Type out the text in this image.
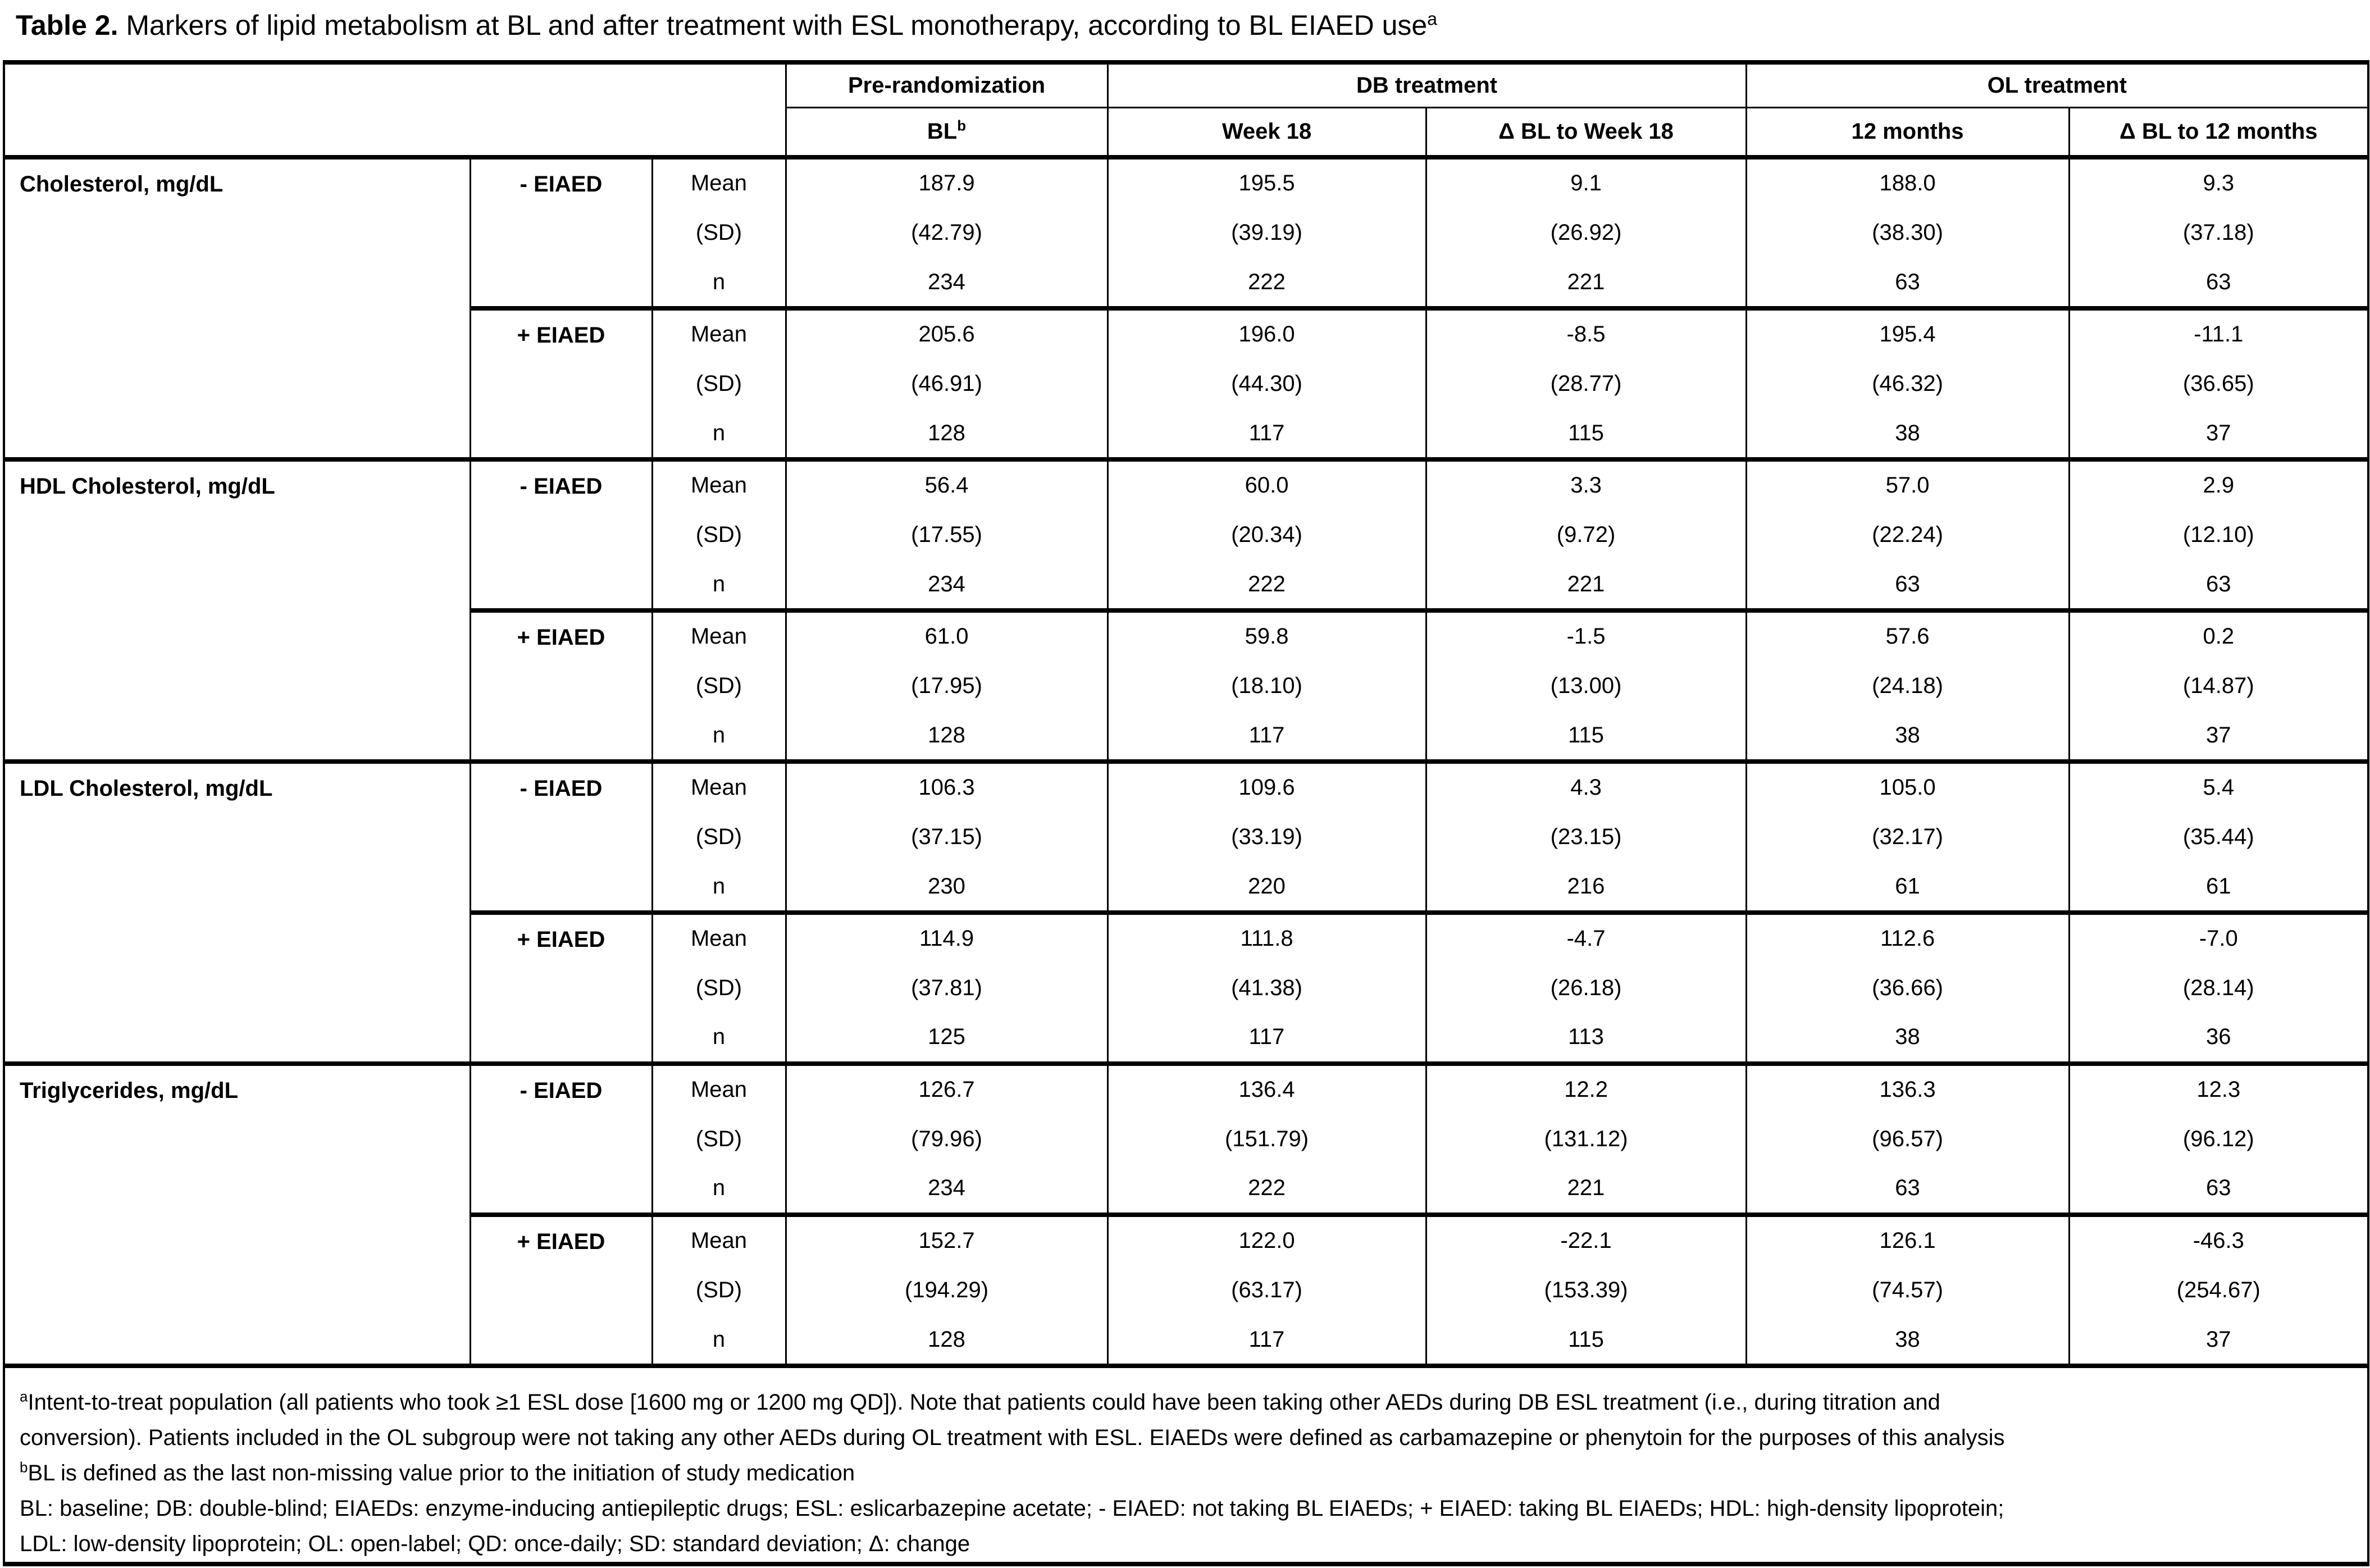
Table 2. Markers of lipid metabolism at BL and after treatment with ESL monotherapy, according to BL EIAED use$^a$
			Pre-randomization	DB treatment		OL treatment	
			$BL^b$	Week 18	Δ BL to Week 18	12 months	Δ BL to 12 months
Cholesterol, mg/dL	- EIAED	Mean	187.9	195.5	9.1	188.0	9.3
		(SD)	(42.79)	(39.19)	(26.92)	(38.30)	(37.18)
		n	234	222	221	63	63
	+ EIAED	Mean	205.6	196.0	-8.5	195.4	-11.1
		(SD)	(46.91)	(44.30)	(28.77)	(46.32)	(36.65)
		n	128	117	115	38	37
HDL Cholesterol, mg/dL	- EIAED	Mean	56.4	60.0	3.3	57.0	2.9
		(SD)	(17.55)	(20.34)	(9.72)	(22.24)	(12.10)
		n	234	222	221	63	63
	+ EIAED	Mean	61.0	59.8	-1.5	57.6	0.2
		(SD)	(17.95)	(18.10)	(13.00)	(24.18)	(14.87)
		n	128	117	115	38	37
LDL Cholesterol, mg/dL	- EIAED	Mean	106.3	109.6	4.3	105.0	5.4
		(SD)	(37.15)	(33.19)	(23.15)	(32.17)	(35.44)
		n	230	220	216	61	61
	+ EIAED	Mean	114.9	111.8	-4.7	112.6	-7.0
		(SD)	(37.81)	(41.38)	(26.18)	(36.66)	(28.14)
		n	125	117	113	38	36
Triglycerides, mg/dL	- EIAED	Mean	126.7	136.4	12.2	136.3	12.3
		(SD)	(79.96)	(151.79)	(131.12)	(96.57)	(96.12)
		n	234	222	221	63	63
	+ EIAED	Mean	152.7	122.0	-22.1	126.1	-46.3
		(SD)	(194.29)	(63.17)	(153.39)	(74.57)	(254.67)
		n	128	117	115	38	37

$^a$Intent-to-treat population (all patients who took ≥1 ESL dose [1600 mg or 1200 mg QD]). Note that patients could have been taking other AEDs during DB ESL treatment (i.e., during titration and
conversion). Patients included in the OL subgroup were not taking any other AEDs during OL treatment with ESL. EIAEDs were defined as carbamazepine or phenytoin for the purposes of this analysis
$^b$BL is defined as the last non-missing value prior to the initiation of study medication
BL: baseline; DB: double-blind; EIAEDs: enzyme-inducing antiepileptic drugs; ESL: eslicarbazepine acetate; - EIAED: not taking BL EIAEDs; + EIAED: taking BL EIAEDs; HDL: high-density lipoprotein;
LDL: low-density lipoprotein; OL: open-label; QD: once-daily; SD: standard deviation; Δ: change							
